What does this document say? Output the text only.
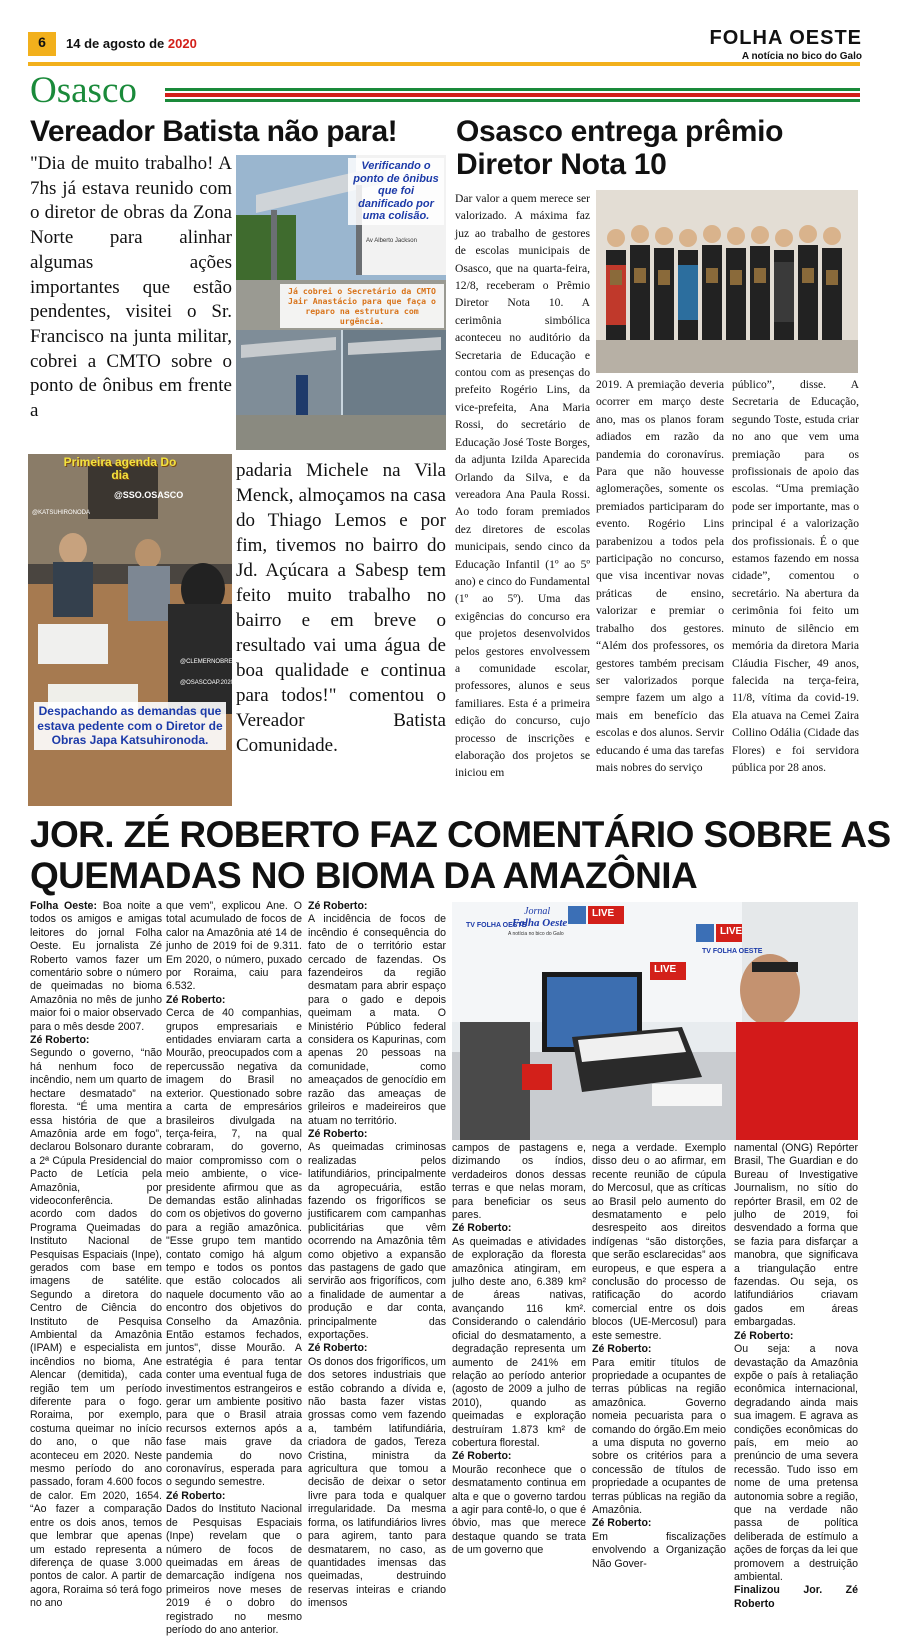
6	14 de agosto de 2020	FOLHA OESTE
A notícia no bico do Galo
Osasco
Vereador Batista não para!
"Dia de muito trabalho! A 7hs já estava reunido com o diretor de obras da Zona Norte para alinhar algumas ações importantes que estão pendentes, visitei o Sr. Francisco na junta militar, cobrei a CMTO sobre o ponto de ônibus em frente a
Verificando o ponto de ônibus que foi danificado por uma colisão.
Av Alberto Jackson
Já cobrei o Secretário da CMTO Jair Anastácio para que faça o reparo na estrutura com urgência.
Primeira agenda Do dia
@SSO.OSASCO
@KATSUHIRONODA
@CLEMERNOBRE
@OSASCOAP.2020
Despachando as demandas que estava pedente com o Diretor de Obras Japa Katsuhironoda.
padaria Michele na Vila Menck, almoçamos na casa do Thiago Lemos e por fim, tivemos no bairro do Jd. Açúcara a Sabesp tem feito muito trabalho no bairro e em breve o resultado vai uma água de boa qualidade e continua para todos!" comentou o Vereador Batista Comunidade.
Osasco entrega prêmio
Diretor Nota 10
Dar valor a quem merece ser valorizado. A máxima faz juz ao trabalho de gestores de escolas municipais de Osasco, que na quarta-feira, 12/8, receberam o Prêmio Diretor Nota 10. A cerimônia simbólica aconteceu no auditório da Secretaria de Educação e contou com as presenças do prefeito Rogério Lins, da vice-prefeita, Ana Maria Rossi, do secretário de Educação José Toste Borges, da adjunta Izilda Aparecida Orlando da Silva, e da vereadora Ana Paula Rossi. Ao todo foram premiados dez diretores de escolas municipais, sendo cinco da Educação Infantil (1º ao 5º ano) e cinco do Fundamental (1º ao 5º). Uma das exigências do concurso era que projetos desenvolvidos pelos gestores envolvessem a comunidade escolar, professores, alunos e seus familiares. Esta é a primeira edição do concurso, cujo processo de inscrições e elaboração dos projetos se iniciou em
2019. A premiação deveria ocorrer em março deste ano, mas os planos foram adiados em razão da pandemia do coronavírus. Para que não houvesse aglomerações, somente os premiados participaram do evento. Rogério Lins parabenizou a todos pela participação no concurso, que visa incentivar novas práticas de ensino, valorizar e premiar o trabalho dos gestores. “Além dos professores, os gestores também precisam ser valorizados porque sempre fazem um algo a mais em benefício das escolas e dos alunos. Servir educando é uma das tarefas mais nobres do serviço
público”, disse. A Secretaria de Educação, segundo Toste, estuda criar no ano que vem uma premiação para os profissionais de apoio das escolas. “Uma premiação pode ser importante, mas o principal é a valorização dos profissionais. É o que estamos fazendo em nossa cidade”, comentou o secretário. Na abertura da cerimônia foi feito um minuto de silêncio em memória da diretora Maria Cláudia Fischer, 49 anos, falecida na terça-feira, 11/8, vítima da covid-19. Ela atuava na Cemei Zaira Collino Odália (Cidade das Flores) e foi servidora pública por 28 anos.
JOR. ZÉ ROBERTO FAZ COMENTÁRIO SOBRE AS
QUEMADAS NO BIOMA DA AMAZÔNIA

Folha Oeste: Boa noite a todos os amigos e amigas leitores do jornal Folha Oeste. Eu jornalista Zé Roberto vamos fazer um comentário sobre o número de queimadas no bioma Amazônia no mês de junho maior foi o maior observado para o mês desde 2007.

Zé Roberto:
Segundo o governo, “não há nenhum foco de incêndio, nem um quarto de hectare desmatado” na floresta. “É uma mentira essa história de que a Amazônia arde em fogo”, declarou Bolsonaro durante a 2ª Cúpula Presidencial do Pacto de Letícia pela Amazônia, por videoconferência. De acordo com dados do Programa Queimadas do Instituto Nacional de Pesquisas Espaciais (Inpe), gerados com base em imagens de satélite. Segundo a diretora do Centro de Ciência do Instituto de Pesquisa Ambiental da Amazônia (IPAM) e especialista em incêndios no bioma, Ane Alencar (demitida), cada região tem um período diferente para o fogo. Roraima, por exemplo, costuma queimar no início do ano, o que não aconteceu em 2020. Neste mesmo período do ano passado, foram 4.600 focos de calor. Em 2020, 1654. “Ao fazer a comparação entre os dois anos, temos que lembrar que apenas um estado representa a diferença de quase 3.000 pontos de calor. A partir de agora, Roraima só terá fogo no ano

que vem”, explicou Ane. O total acumulado de focos de calor na Amazônia até 14 de junho de 2019 foi de 9.311. Em 2020, o número, puxado por Roraima, caiu para 6.532.

Zé Roberto:
Cerca de 40 companhias, grupos empresariais e entidades enviaram carta a Mourão, preocupados com a repercussão negativa da imagem do Brasil no exterior. Questionado sobre a carta de empresários brasileiros divulgada na terça-feira, 7, na qual cobraram, do governo, maior compromisso com o meio ambiente, o vice-presidente afirmou que as demandas estão alinhadas com os objetivos do governo para a região amazônica. "Esse grupo tem mantido contato comigo há algum tempo e todos os pontos que estão colocados ali naquele documento vão ao encontro dos objetivos do Conselho da Amazônia. Então estamos fechados, juntos", disse Mourão. A estratégia é para tentar conter uma eventual fuga de investimentos estrangeiros e gerar um ambiente positivo para que o Brasil atraia recursos externos após a fase mais grave da pandemia do novo coronavírus, esperada para o segundo semestre.

Zé Roberto:
Dados do Instituto Nacional de Pesquisas Espaciais (Inpe) revelam que o número de focos de queimadas em áreas de demarcação indígena nos primeiros nove meses de 2019 é o dobro do registrado no mesmo período do ano anterior.

Zé Roberto:
A incidência de focos de incêndio é consequência do fato de o território estar cercado de fazendas. Os fazendeiros da região desmatam para abrir espaço para o gado e depois queimam a mata. O Ministério Público federal considera os Kapurinas, com apenas 20 pessoas na comunidade, como ameaçados de genocídio em razão das ameaças de grileiros e madeireiros que atuam no território.

Zé Roberto:
As queimadas criminosas realizadas pelos latifundiários, principalmente da agropecuária, estão fazendo os frigoríficos se justificarem com campanhas publicitárias que vêm ocorrendo na Amazônia têm como objetivo a expansão das pastagens de gado que servirão aos frigoríficos, com a finalidade de aumentar a produção e dar conta, principalmente das exportações.

Zé Roberto:
Os donos dos frigoríficos, um dos setores industriais que estão cobrando a dívida e, não basta fazer vistas grossas como vem fazendo a, também latifundiária, criadora de gados, Tereza Cristina, ministra da agricultura que tomou a decisão de deixar o setor livre para toda e qualquer irregularidade. Da mesma forma, os latifundiários livres para agirem, tanto para desmatarem, no caso, as quantidades imensas das queimadas, destruindo reservas inteiras e criando imensos

TV FOLHA OESTE
TV FOLHA OESTE
LIVE
LIVE
LIVE
Jornal
Folha Oeste
A notícia no bico do Galo

campos de pastagens e, dizimando os índios, verdadeiros donos dessas terras e que nelas moram, para beneficiar os seus pares.

Zé Roberto:
As queimadas e atividades de exploração da floresta amazônica atingiram, em julho deste ano, 6.389 km² de áreas nativas, avançando 116 km². Considerando o calendário oficial do desmatamento, a degradação representa um aumento de 241% em relação ao período anterior (agosto de 2009 a julho de 2010), quando as queimadas e exploração destruíram 1.873 km² de cobertura florestal.

Zé Roberto:
Mourão reconhece que o desmatamento continua em alta e que o governo tardou a agir para contê-lo, o que é óbvio, mas que merece destaque quando se trata de um governo que

nega a verdade. Exemplo disso deu o ao afirmar, em recente reunião de cúpula do Mercosul, que as críticas ao Brasil pelo aumento do desmatamento e pelo desrespeito aos direitos indígenas “são distorções, que serão esclarecidas” aos europeus, e que espera a conclusão do processo de ratificação do acordo comercial entre os dois blocos (UE-Mercosul) para este semestre.

Zé Roberto:
Para emitir títulos de propriedade a ocupantes de terras públicas na região amazônica. Governo nomeia pecuarista para o comando do órgão.Em meio a uma disputa no governo sobre os critérios para a concessão de títulos de propriedade a ocupantes de terras públicas na região da Amazônia.

Zé Roberto:
Em fiscalizações envolvendo a Organização Não Gover-

namental (ONG) Repórter Brasil, The Guardian e do Bureau of Investigative Journalism, no sítio do repórter Brasil, em 02 de julho de 2019, foi desvendado a forma que se fazia para disfarçar a manobra, que significava a triangulação entre fazendas. Ou seja, os latifundiários criavam gados em áreas embargadas.

Zé Roberto:
Ou seja: a nova devastação da Amazônia expõe o país à retaliação econômica internacional, degradando ainda mais sua imagem. E agrava as condições econômicas do país, em meio ao prenúncio de uma severa recessão. Tudo isso em nome de uma pretensa autonomia sobre a região, que na verdade não passa de política deliberada de estímulo a ações de forças da lei que promovem a destruição ambiental.

Finalizou Jor. Zé Roberto
